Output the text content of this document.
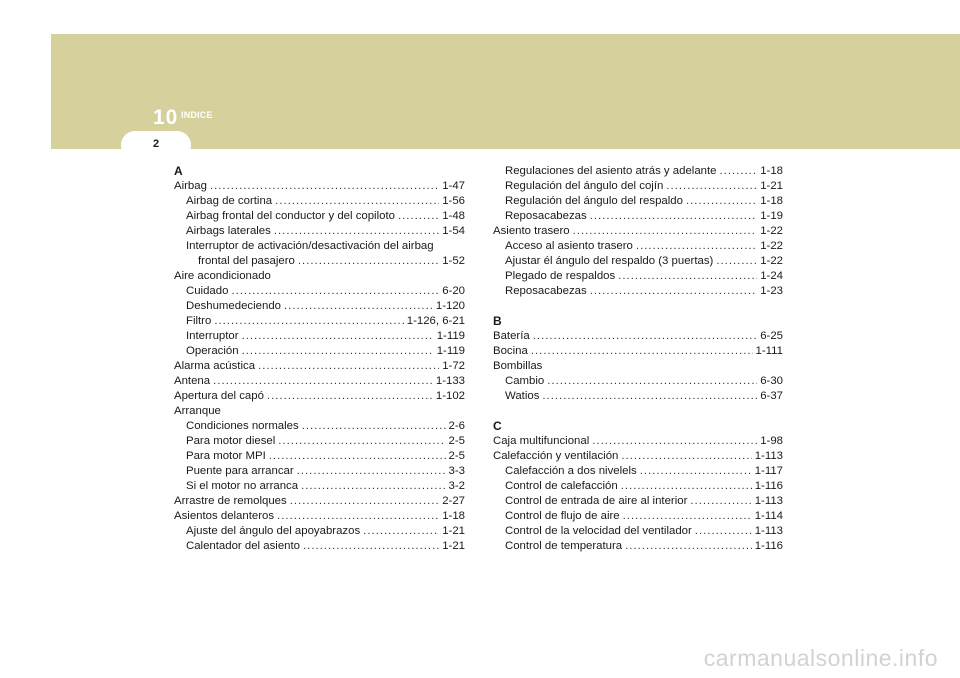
10 INDICE
2
A
Airbag .....	1-47
Airbag de cortina .....	1-56
Airbag frontal del conductor y del copiloto .....	1-48
Airbags laterales .....	1-54
Interruptor de activación/desactivación del airbag
frontal del pasajero .....	1-52
Aire acondicionado
Cuidado .....	6-20
Deshumedeciendo .....	1-120
Filtro .....	1-126, 6-21
Interruptor .....	1-119
Operación .....	1-119
Alarma acústica .....	1-72
Antena .....	1-133
Apertura del capó .....	1-102
Arranque
Condiciones normales .....	2-6
Para motor diesel .....	2-5
Para motor MPI .....	2-5
Puente para arrancar .....	3-3
Si el motor no arranca .....	3-2
Arrastre de remolques .....	2-27
Asientos delanteros .....	1-18
Ajuste del ángulo del apoyabrazos .....	1-21
Calentador del asiento .....	1-21
Regulaciones del asiento atrás y adelante .....	1-18
Regulación del ángulo del cojín .....	1-21
Regulación del ángulo del respaldo .....	1-18
Reposacabezas .....	1-19
Asiento trasero .....	1-22
Acceso al asiento trasero .....	1-22
Ajustar él ángulo del respaldo (3 puertas) .....	1-22
Plegado de respaldos .....	1-24
Reposacabezas .....	1-23
B
Batería .....	6-25
Bocina .....	1-111
Bombillas
Cambio .....	6-30
Watios .....	6-37
C
Caja multifuncional .....	1-98
Calefacción y ventilación .....	1-113
Calefacción a dos nivelels .....	1-117
Control de calefacción .....	1-116
Control de entrada de aire al interior .....	1-113
Control de flujo de aire .....	1-114
Control de la velocidad del ventilador .....	1-113
Control de temperatura .....	1-116
carmanualsonline.info
